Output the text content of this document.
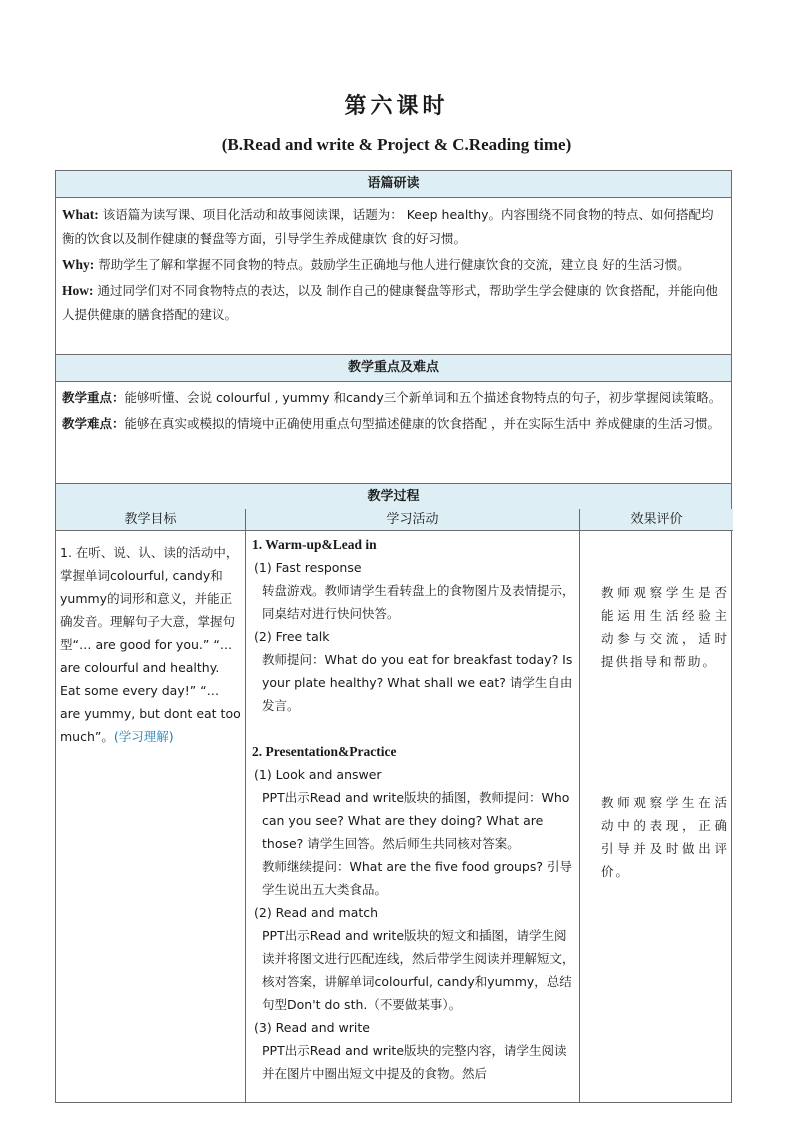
第六课时
(B.Read and write & Project & C.Reading time)
语篇研读

What: 该语篇为读写课、项目化活动和故事阅读课，话题为： Keep healthy。内容围绕不同食物的特点、如何搭配均衡的饮食以及制作健康的餐盘等方面，引导学生养成健康饮 食的好习惯。

Why: 帮助学生了解和掌握不同食物的特点。鼓励学生正确地与他人进行健康饮食的交流，建立良 好的生活习惯。

How: 通过同学们对不同食物特点的表达，以及 制作自己的健康餐盘等形式，帮助学生学会健康的 饮食搭配，并能向他人提供健康的膳食搭配的建议。

教学重点及难点

教学重点：能够听懂、会说 colourful , yummy 和candy三个新单词和五个描述食物特点的句子，初步掌握阅读策略。

教学难点：能够在真实或模拟的情境中正确使用重点句型描述健康的饮食搭配 ，并在实际生活中 养成健康的生活习惯。

教学过程
教学目标	学习活动	效果评价
1. 在听、说、认、读的活动中，掌握单词colourful, candy和yummy的词形和意义，并能正确发音。理解句子大意，掌握句型“… are good for you.” “… are colourful and healthy. Eat some every day!” “… are yummy, but dont eat too much”。(学习理解)
1. Warm-up&Lead in
(1) Fast response
转盘游戏。教师请学生看转盘上的食物图片及表情提示，同桌结对进行快问快答。
(2) Free talk
教师提问：What do you eat for breakfast today? Is your plate healthy? What shall we eat? 请学生自由发言。
2. Presentation&Practice
(1) Look and answer
PPT出示Read and write版块的插图，教师提问：Who can you see? What are they doing? What are those? 请学生回答。然后师生共同核对答案。
教师继续提问：What are the five food groups? 引导学生说出五大类食品。
(2) Read and match
PPT出示Read and write版块的短文和插图，请学生阅读并将图文进行匹配连线，然后带学生阅读并理解短文，核对答案，讲解单词colourful, candy和yummy，总结句型Don't do sth.（不要做某事）。
(3) Read and write
PPT出示Read and write版块的完整内容，请学生阅读并在图片中圈出短文中提及的食物。然后
教师观察学生是否能运用生活经验主动参与交流，适时提供指导和帮助。
教师观察学生在活动中的表现，正确引导并及时做出评价。
